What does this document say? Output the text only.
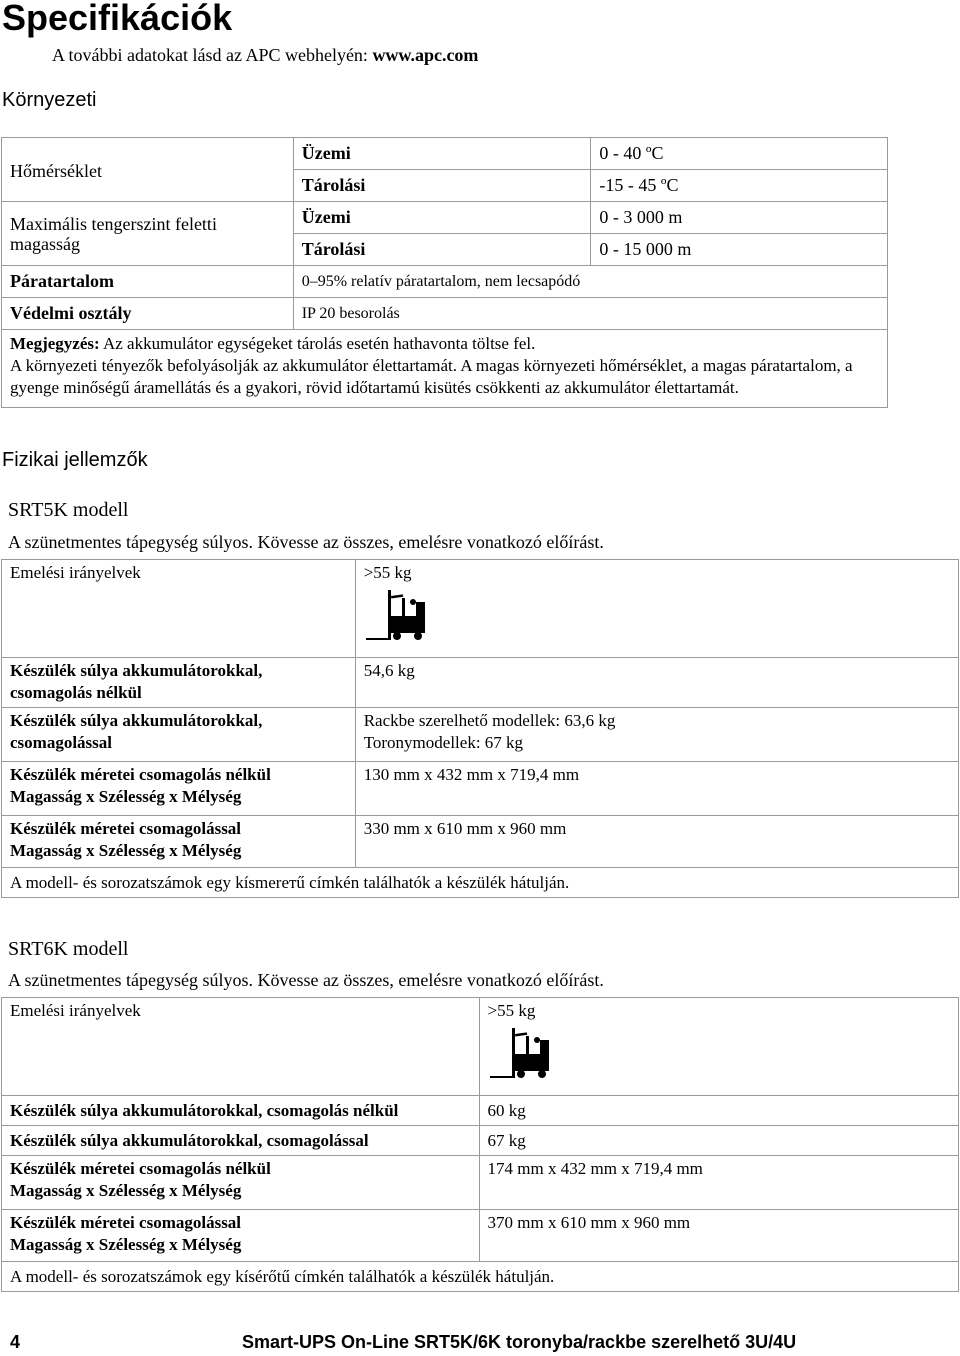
Specifikációk
A további adatokat lásd az APC webhelyén: www.apc.com
Környezeti
Hőmérséklet	Üzemi	0 - 40 ºC
	Tárolási	-15 - 45 ºC
Maximális tengerszint feletti magasság	Üzemi	0 - 3 000 m
	Tárolási	0 - 15 000 m
Páratartalom	0–95% relatív páratartalom, nem lecsapódó	
Védelmi osztály	IP 20 besorolás	
Megjegyzés: Az akkumulátor egységeket tárolás esetén hathavonta töltse fel.
A környezeti tényezők befolyásolják az akkumulátor élettartamát. A magas környezeti hőmérséklet, a magas páratartalom, a gyenge minőségű áramellátás és a gyakori, rövid időtartamú kisütés csökkenti az akkumulátor élettartamát.		
Fizikai jellemzők
SRT5K modell
A szünetmentes tápegység súlyos. Kövesse az összes, emelésre vonatkozó előírást.
Emelési irányelvek	>55 kg

Készülék súlya akkumulátorokkal, csomagolás nélkül	54,6 kg
Készülék súlya akkumulátorokkal, csomagolással	Rackbe szerelhető modellek: 63,6 kg
Toronymodellek: 67 kg

Készülék méretei csomagolás nélkül
Magasság x Szélesség x Mélység	130 mm x 432 mm x 719,4 mm

Készülék méretei csomagolással
Magasság x Szélesség x Mélység	330 mm x 610 mm x 960 mm
A modell- és sorozatszámok egy kísmerетű címkén találhatók a készülék hátulján.	
SRT6K modell
A szünetmentes tápegység súlyos. Kövesse az összes, emelésre vonatkozó előírást.
Emelési irányelvek	>55 kg

Készülék súlya akkumulátorokkal, csomagolás nélkül	60 kg
Készülék súlya akkumulátorokkal, csomagolással	67 kg

Készülék méretei csomagolás nélkül
Magasság x Szélesség x Mélység	174 mm x 432 mm x 719,4 mm

Készülék méretei csomagolással
Magasság x Szélesség x Mélység	370 mm x 610 mm x 960 mm
A modell- és sorozatszámok egy kísérőtű címkén találhatók a készülék hátulján.	
4	Smart-UPS On-Line SRT5K/6K toronyba/rackbe szerelhető 3U/4U
